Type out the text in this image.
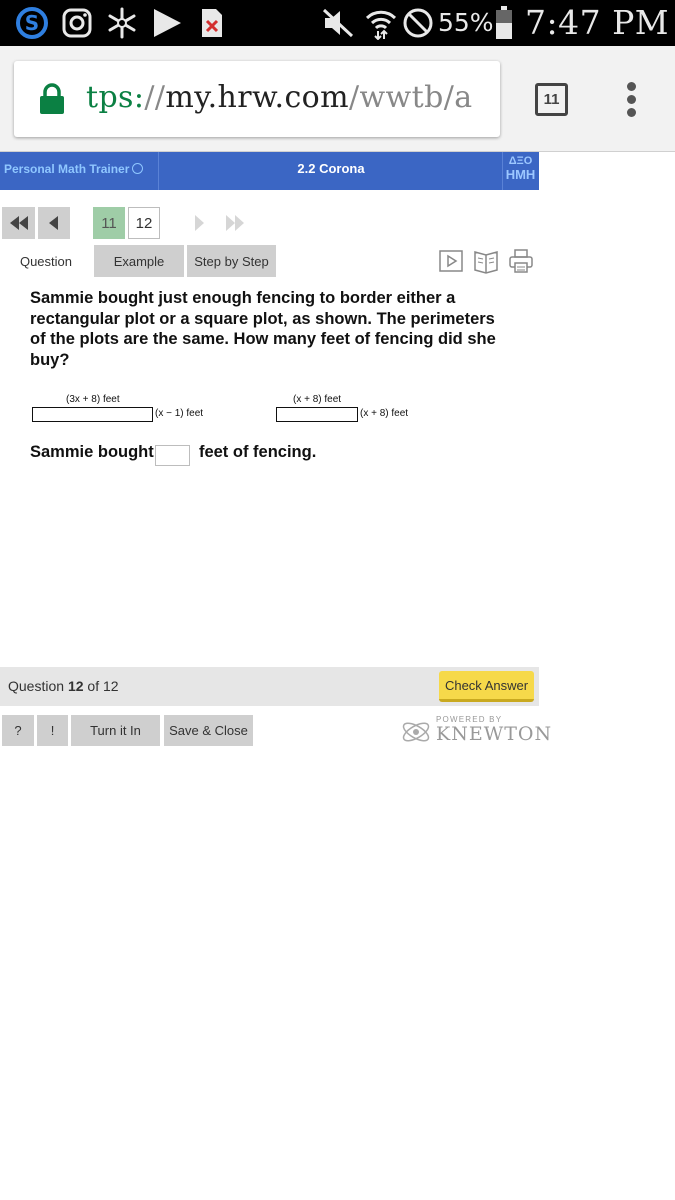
S	55% 7:47 PM
tps://my.hrw.com/wwtb/a	11
Personal Math Trainer	2.2 Corona	ΔΞΟ
HMH
11	12
Question	Example	Step by Step
Sammie bought just enough fencing to border either a rectangular plot or a square plot, as shown. The perimeters of the plots are the same. How many feet of fencing did she buy?
(3x + 8) feet
(x − 1) feet
(x + 8) feet
(x + 8) feet
Sammie bought	feet of fencing.
Question 12 of 12	Check Answer
?	!	Turn it In	Save & Close
POWERED BY
KNEWTON
